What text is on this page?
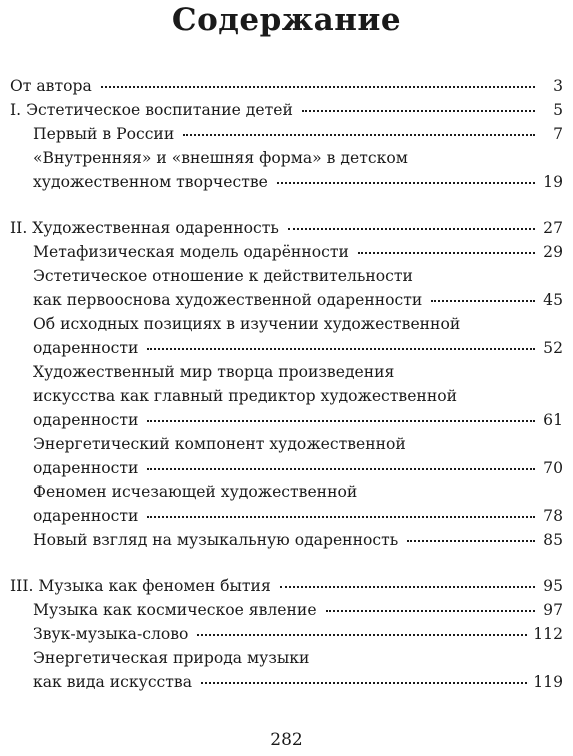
Содержание
От автора	3
I. Эстетическое воспитание детей	5
Первый в России	7
«Внутренняя» и «внешняя форма» в детском
художественном творчестве	19
II. Художественная одаренность	27
Метафизическая модель одарённости	29
Эстетическое отношение к действительности
как первооснова художественной одаренности	45
Об исходных позициях в изучении художественной
одаренности	52
Художественный мир творца произведения
искусства как главный предиктор художественной
одаренности	61
Энергетический компонент художественной
одаренности	70
Феномен исчезающей художественной
одаренности	78
Новый взгляд на музыкальную одаренность	85
III. Музыка как феномен бытия	95
Музыка как космическое явление	97
Звук-музыка-слово	112
Энергетическая природа музыки
как вида искусства	119
282
